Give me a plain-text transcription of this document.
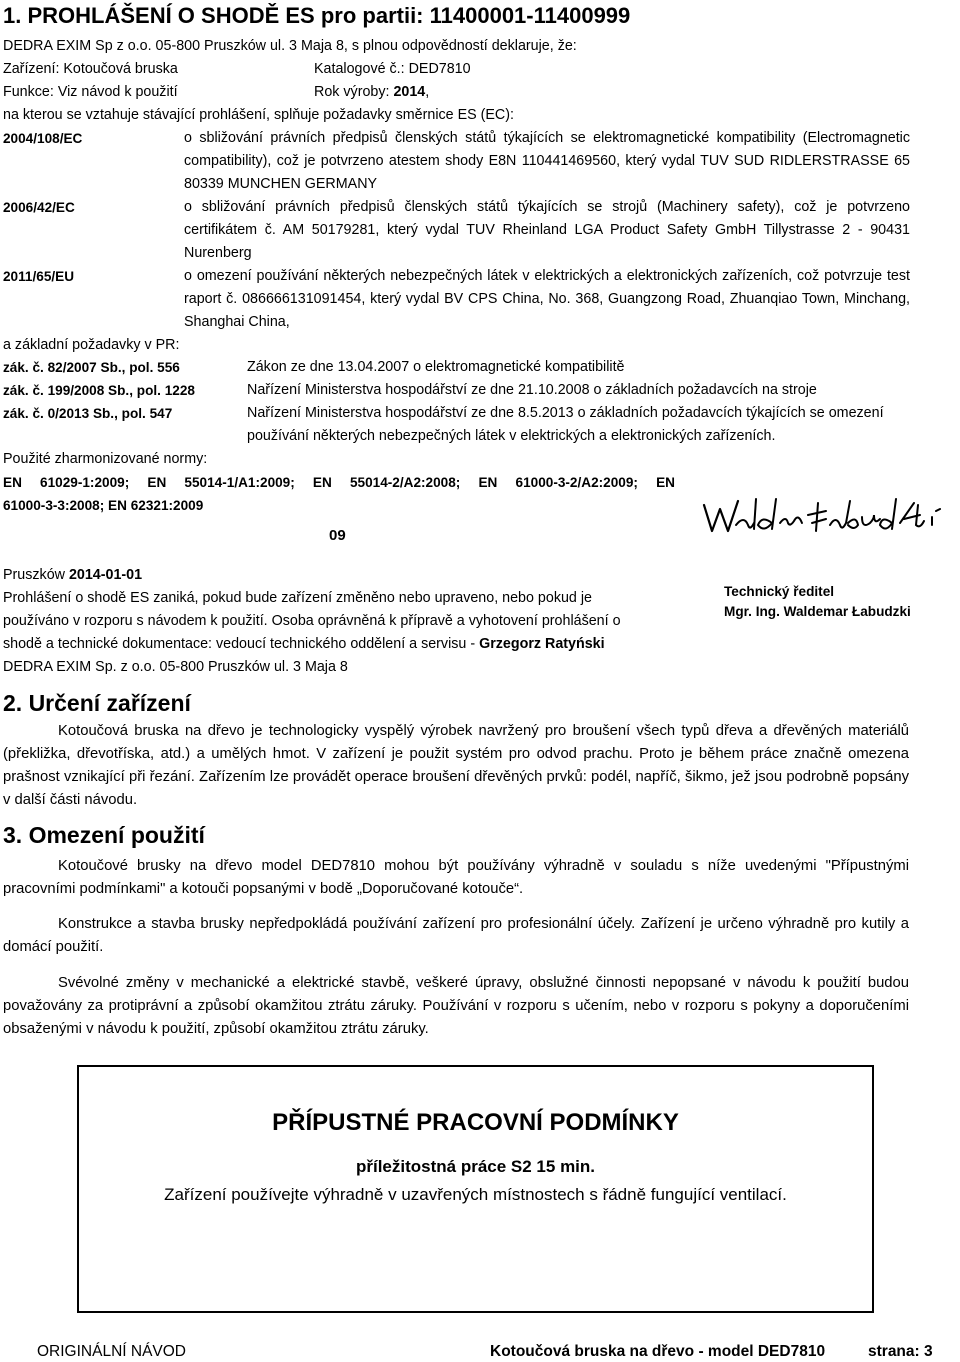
1. PROHLÁŠENÍ O SHODĚ ES pro partii: 11400001-11400999
DEDRA EXIM Sp z o.o. 05-800 Pruszków ul. 3 Maja 8, s plnou odpovědností deklaruje, že:
Zařízení: Kotoučová bruska	Katalogové č.: DED7810
Funkce: Viz návod k použití	Rok výroby: 2014,
na kterou se vztahuje stávající prohlášení, splňuje požadavky směrnice ES (EC):
2004/108/EC	o sbližování právních předpisů členských států týkajících se elektromagnetické kompatibility (Electromagnetic compatibility), což je potvrzeno atestem shody E8N 110441469560, který vydal TUV SUD RIDLERSTRASSE 65 80339 MUNCHEN GERMANY
2006/42/EC	o sbližování právních předpisů členských států týkajících se strojů (Machinery safety), což je potvrzeno certifikátem č. AM 50179281, který vydal TUV Rheinland LGA Product Safety GmbH Tillystrasse 2 - 90431 Nurenberg
2011/65/EU	o omezení používání některých nebezpečných látek v elektrických a elektronických zařízeních, což potvrzuje test raport č. 086666131091454, který vydal BV CPS China, No. 368, Guangzong Road, Zhuanqiao Town, Minchang, Shanghai China,
a základní požadavky v PR:
zák. č. 82/2007 Sb., pol. 556	Zákon ze dne 13.04.2007 o elektromagnetické kompatibilitě
zák. č. 199/2008 Sb., pol. 1228	Nařízení Ministerstva hospodářství ze dne 21.10.2008 o základních požadavcích na stroje
zák. č. 0/2013 Sb., pol. 547	Nařízení Ministerstva hospodářství ze dne 8.5.2013 o základních požadavcích týkajících se omezení
používání některých nebezpečných látek v elektrických a elektronických zařízeních.
Použité zharmonizované normy:
EN 61029-1:2009; EN 55014-1/A1:2009; EN 55014-2/A2:2008; EN 61000-3-2/A2:2009; EN
61000-3-3:2008; EN 62321:2009
09
Pruszków 2014-01-01
Prohlášení o shodě ES zaniká, pokud bude zařízení změněno nebo upraveno, nebo pokud je
používáno v rozporu s návodem k použití. Osoba oprávněná k přípravě a vyhotovení prohlášení o
shodě a technické dokumentace: vedoucí technického oddělení a servisu - Grzegorz Ratyński
DEDRA EXIM Sp. z o.o. 05-800 Pruszków ul. 3 Maja 8
Technický ředitel
Mgr. Ing. Waldemar Łabudzki
2. Určení zařízení
Kotoučová bruska na dřevo je technologicky vyspělý výrobek navržený pro broušení všech typů dřeva a dřevěných materiálů (překližka, dřevotříska, atd.) a umělých hmot. V zařízení je použit systém pro odvod prachu. Proto je během práce značně omezena prašnost vznikající při řezání. Zařízením lze provádět operace broušení dřevěných prvků: podél, napříč, šikmo, jež jsou podrobně popsány v další části návodu.
3. Omezení použití
Kotoučové brusky na dřevo model DED7810 mohou být používány výhradně v souladu s níže uvedenými "Přípustnými pracovními podmínkami" a kotouči popsanými v bodě „Doporučované kotouče“.
Konstrukce a stavba brusky nepředpokládá používání zařízení pro profesionální účely. Zařízení je určeno výhradně pro kutily a domácí použití.
Svévolné změny v mechanické a elektrické stavbě, veškeré úpravy, obslužné činnosti nepopsané v návodu k použití budou považovány za protiprávní a způsobí okamžitou ztrátu záruky. Používání v rozporu s učením, nebo v rozporu s pokyny a doporučeními obsaženými v návodu k použití, způsobí okamžitou ztrátu záruky.
PŘÍPUSTNÉ PRACOVNÍ PODMÍNKY
příležitostná práce S2 15 min.
Zařízení používejte výhradně v uzavřených místnostech s řádně fungující ventilací.
ORIGINÁLNÍ NÁVOD	Kotoučová bruska na dřevo - model DED7810	strana: 3
